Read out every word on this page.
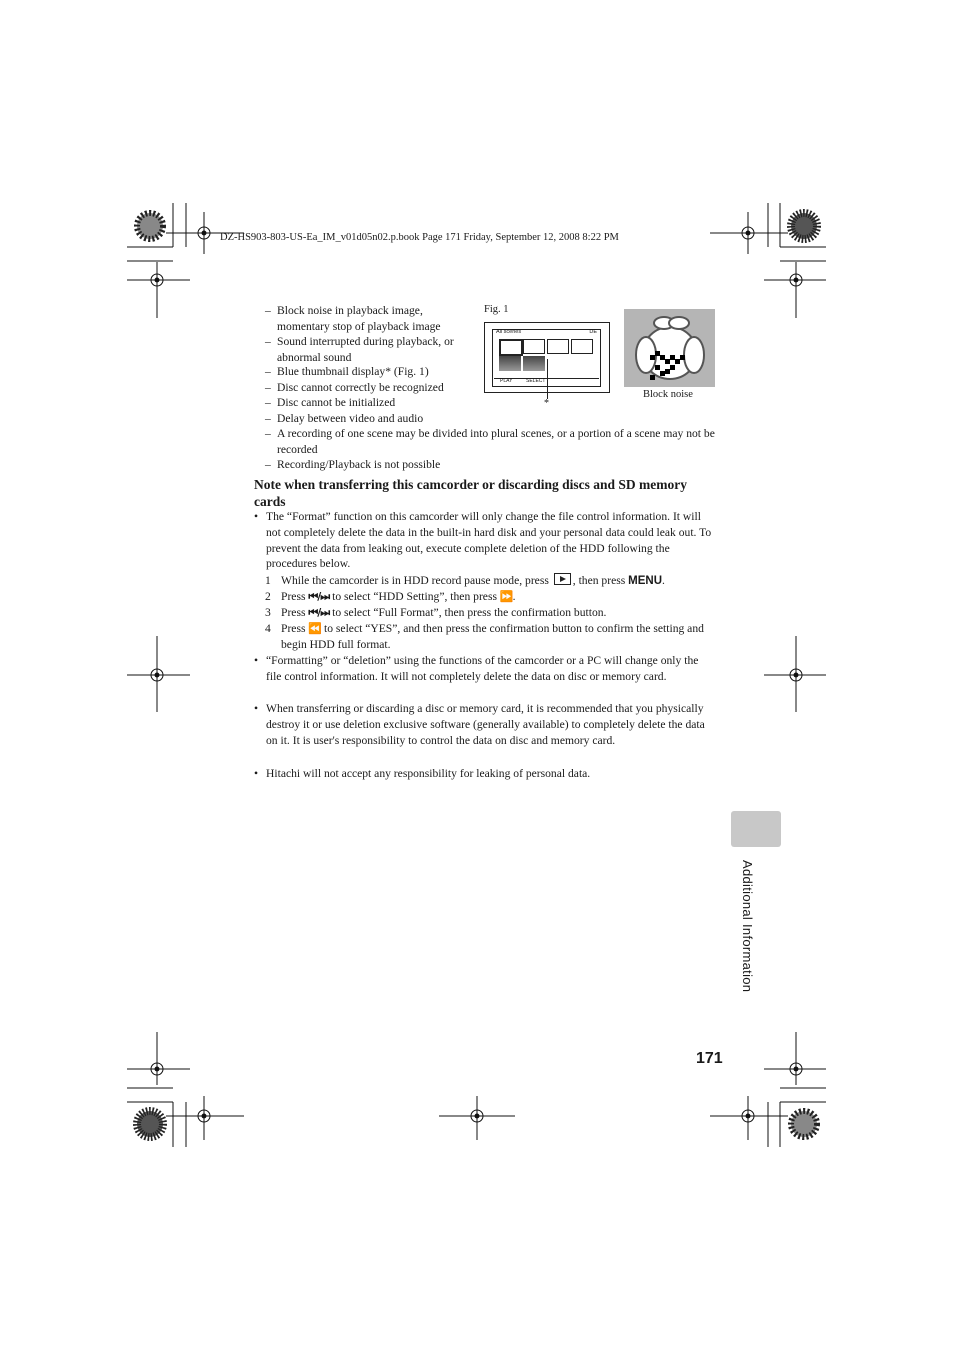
DZ-HS903-803-US-Ea_IM_v01d05n02.p.book Page 171 Friday, September 12, 2008 8:22 PM
– Block noise in playback image, momentary stop of playback image
– Sound interrupted during playback, or abnormal sound
– Blue thumbnail display* (Fig. 1)
– Disc cannot correctly be recognized
– Disc cannot be initialized
– Delay between video and audio
– A recording of one scene may be divided into plural scenes, or a portion of a scene may not be recorded
– Recording/Playback is not possible
Fig. 1
All scenes	DE
PLAY	SELECT
*
Block noise
Note when transferring this camcorder or discarding discs and SD memory cards
• The “Format” function on this camcorder will only change the file control information. It will not completely delete the data in the built-in hard disk and your personal data could leak out. To prevent the data from leaking out, execute complete deletion of the HDD following the procedures below.
1 While the camcorder is in HDD record pause mode, press , then press MENU.
2 Press ⏮/⏭ to select “HDD Setting”, then press ⏩.
3 Press ⏮/⏭ to select “Full Format”, then press the confirmation button.
4 Press ⏪ to select “YES”, and then press the confirmation button to confirm the setting and begin HDD full format.
• “Formatting” or “deletion” using the functions of the camcorder or a PC will change only the file control information. It will not completely delete the data on disc or memory card.
• When transferring or discarding a disc or memory card, it is recommended that you physically destroy it or use deletion exclusive software (generally available) to completely delete the data on it. It is user's responsibility to control the data on disc and memory card.
• Hitachi will not accept any responsibility for leaking of personal data.
Additional Information
171
